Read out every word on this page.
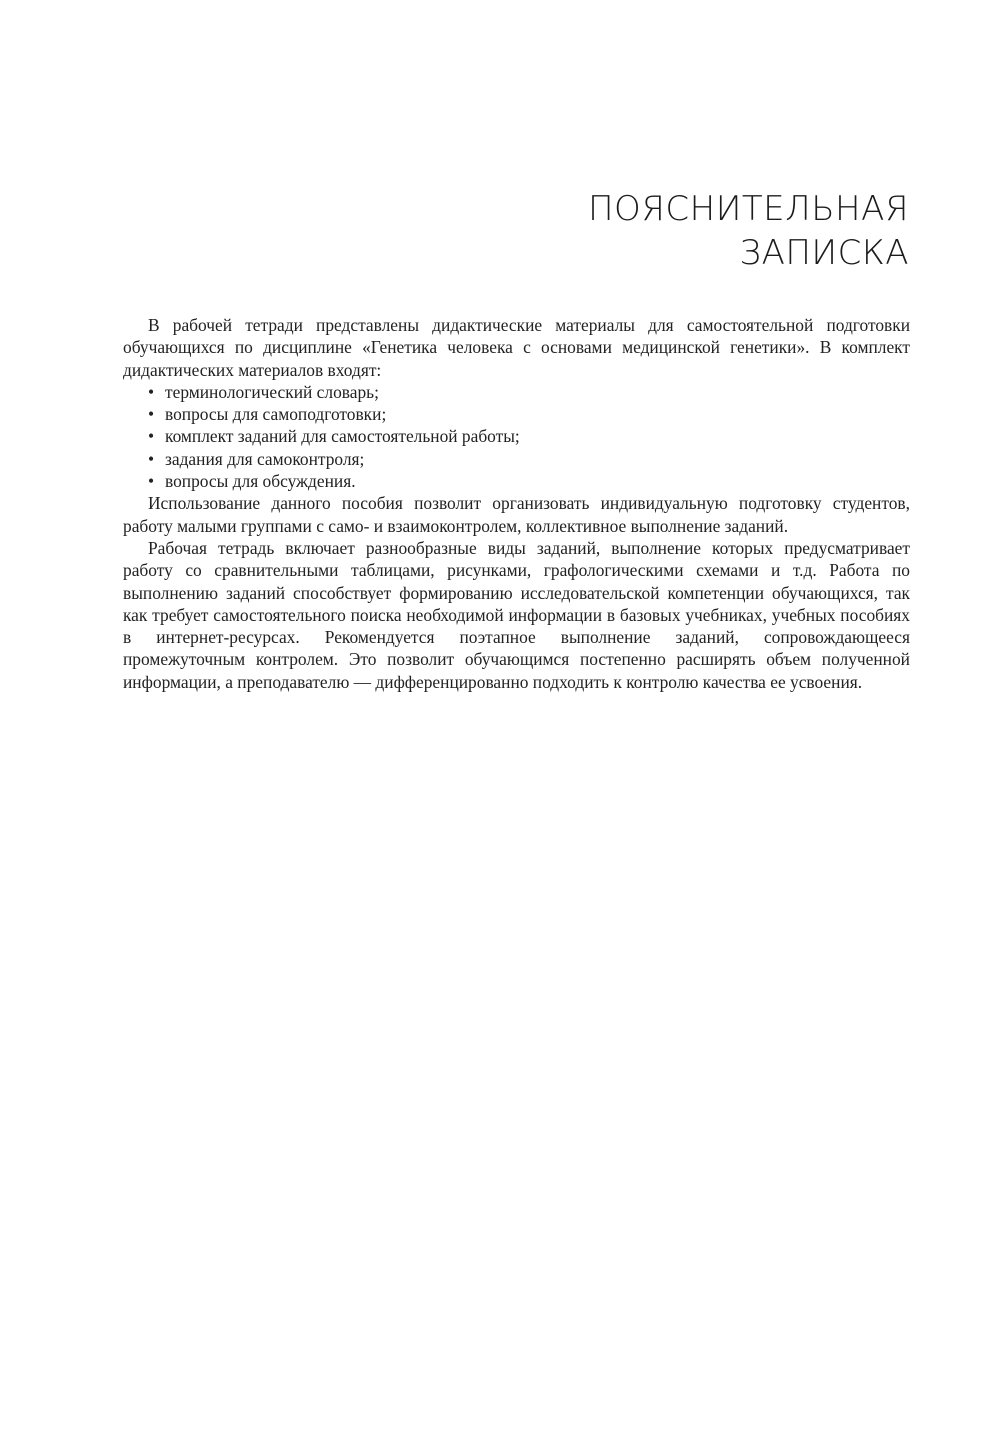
ПОЯСНИТЕЛЬНАЯ
ЗАПИСКА

В рабочей тетради представлены дидактические материалы для самостоятельной подготовки обучающихся по дисциплине «Генетика человека с основами медицинской генетики». В комплект дидактических материалов входят:

• терминологический словарь;
• вопросы для самоподготовки;
• комплект заданий для самостоятельной работы;
• задания для самоконтроля;
• вопросы для обсуждения.

Использование данного пособия позволит организовать индивидуальную подготовку студентов, работу малыми группами с само- и взаимоконтролем, коллективное выполнение заданий.

Рабочая тетрадь включает разнообразные виды заданий, выполнение которых предусматривает работу со сравнительными таблицами, рисунками, графологическими схемами и т.д. Работа по выполнению заданий способствует формированию исследовательской компетенции обучающихся, так как требует самостоятельного поиска необходимой информации в базовых учебниках, учебных пособиях в интернет-ресурсах. Рекомендуется поэтапное выполнение заданий, сопровождающееся промежуточным контролем. Это позволит обучающимся постепенно расширять объем полученной информации, а преподавателю — дифференцированно подходить к контролю качества ее усвоения.
